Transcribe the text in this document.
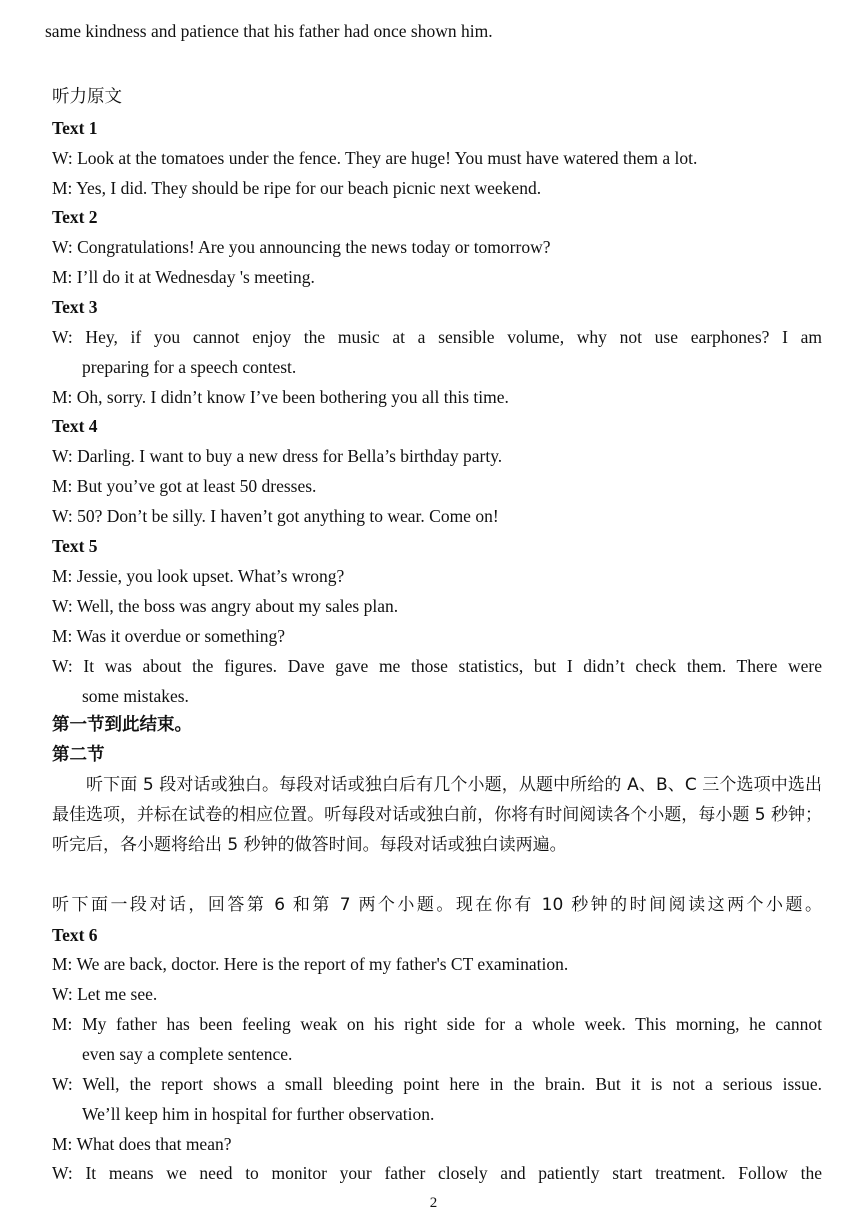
same kindness and patience that his father had once shown him.
听力原文
Text 1
W: Look at the tomatoes under the fence. They are huge! You must have watered them a lot.
M: Yes, I did. They should be ripe for our beach picnic next weekend.
Text 2
W: Congratulations! Are you announcing the news today or tomorrow?
M: I’ll do it at Wednesday 's meeting.
Text 3
W: Hey, if you cannot enjoy the music at a sensible volume, why not use earphones? I am
preparing for a speech contest.
M: Oh, sorry. I didn’t know I’ve been bothering you all this time.
Text 4
W: Darling. I want to buy a new dress for Bella’s birthday party.
M: But you’ve got at least 50 dresses.
W: 50? Don’t be silly. I haven’t got anything to wear. Come on!
Text 5
M: Jessie, you look upset. What’s wrong?
W: Well, the boss was angry about my sales plan.
M: Was it overdue or something?
W: It was about the figures. Dave gave me those statistics, but I didn’t check them. There were
some mistakes.
第一节到此结束。
第二节

听下面 5 段对话或独白。每段对话或独白后有几个小题，从题中所给的 A、B、C 三个选项中选出最佳选项，并标在试卷的相应位置。听每段对话或独白前，你将有时间阅读各个小题，每小题 5 秒钟；听完后，各小题将给出 5 秒钟的做答时间。每段对话或独白读两遍。

听下面一段对话，回答第 6 和第 7 两个小题。现在你有 10 秒钟的时间阅读这两个小题。
Text 6
M: We are back, doctor. Here is the report of my father's CT examination.
W: Let me see.
M: My father has been feeling weak on his right side for a whole week. This morning, he cannot
even say a complete sentence.
W: Well, the report shows a small bleeding point here in the brain. But it is not a serious issue.
We’ll keep him in hospital for further observation.
M: What does that mean?
W: It means we need to monitor your father closely and patiently start treatment. Follow the
2
